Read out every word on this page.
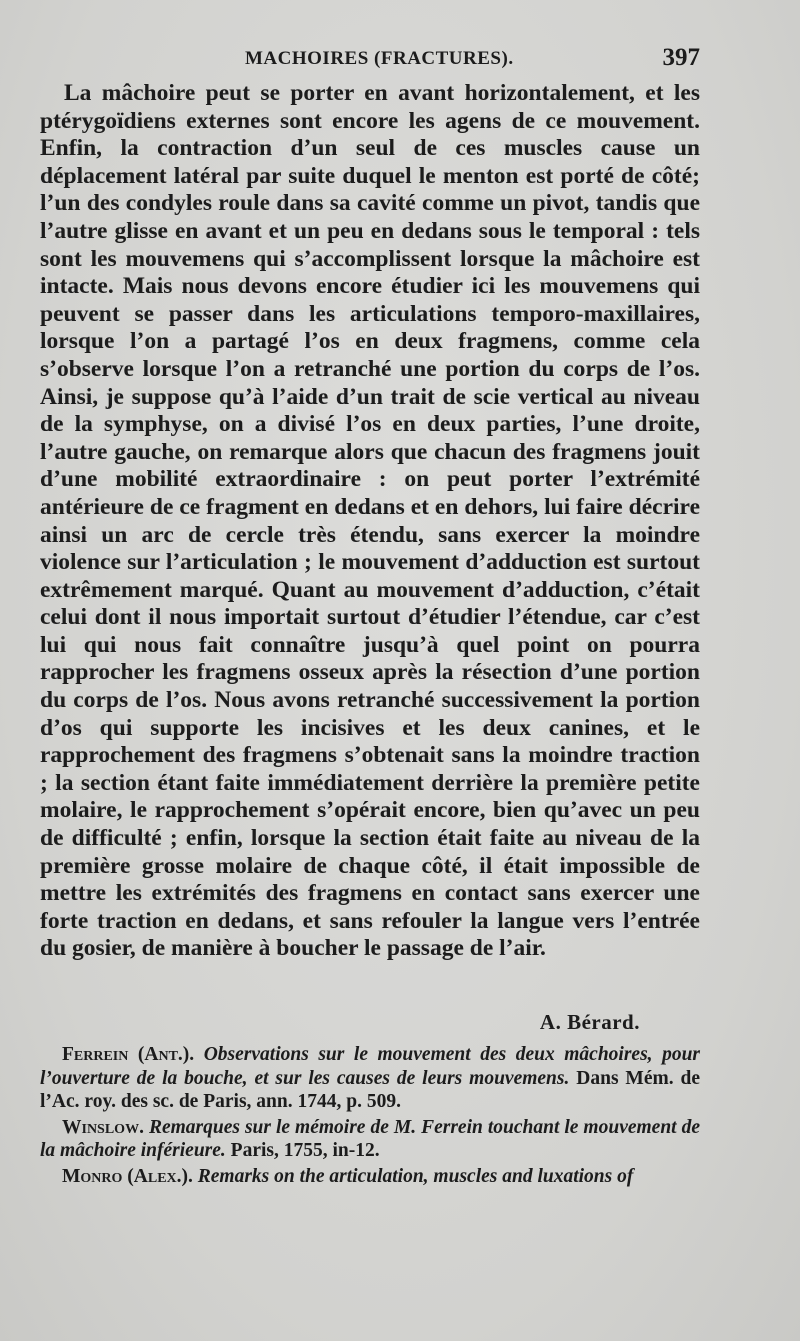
MACHOIRES (FRACTURES).	397

La mâchoire peut se porter en avant horizontalement, et les ptérygoïdiens externes sont encore les agens de ce mouvement. Enfin, la contraction d’un seul de ces muscles cause un déplacement latéral par suite duquel le menton est porté de côté; l’un des condyles roule dans sa cavité comme un pivot, tandis que l’autre glisse en avant et un peu en dedans sous le temporal : tels sont les mouvemens qui s’accomplissent lorsque la mâchoire est intacte. Mais nous devons encore étudier ici les mouvemens qui peuvent se passer dans les articulations temporo-maxillaires, lorsque l’on a partagé l’os en deux fragmens, comme cela s’observe lorsque l’on a retranché une portion du corps de l’os. Ainsi, je suppose qu’à l’aide d’un trait de scie vertical au niveau de la symphyse, on a divisé l’os en deux parties, l’une droite, l’autre gauche, on remarque alors que chacun des fragmens jouit d’une mobilité extraordinaire : on peut porter l’extrémité antérieure de ce fragment en dedans et en dehors, lui faire décrire ainsi un arc de cercle très étendu, sans exercer la moindre violence sur l’articulation ; le mouvement d’adduction est surtout extrêmement marqué. Quant au mouvement d’adduction, c’était celui dont il nous importait surtout d’étudier l’étendue, car c’est lui qui nous fait connaître jusqu’à quel point on pourra rapprocher les fragmens osseux après la résection d’une portion du corps de l’os. Nous avons retranché successivement la portion d’os qui supporte les incisives et les deux canines, et le rapprochement des fragmens s’obtenait sans la moindre traction ; la section étant faite immédiatement derrière la première petite molaire, le rapprochement s’opérait encore, bien qu’avec un peu de difficulté ; enfin, lorsque la section était faite au niveau de la première grosse molaire de chaque côté, il était impossible de mettre les extrémités des fragmens en contact sans exercer une forte traction en dedans, et sans refouler la langue vers l’entrée du gosier, de manière à boucher le passage de l’air.

A. Bérard.

Ferrein (Ant.). Observations sur le mouvement des deux mâchoires, pour l’ouverture de la bouche, et sur les causes de leurs mouvemens. Dans Mém. de l’Ac. roy. des sc. de Paris, ann. 1744, p. 509.

Winslow. Remarques sur le mémoire de M. Ferrein touchant le mouvement de la mâchoire inférieure. Paris, 1755, in-12.

Monro (Alex.). Remarks on the articulation, muscles and luxations of
